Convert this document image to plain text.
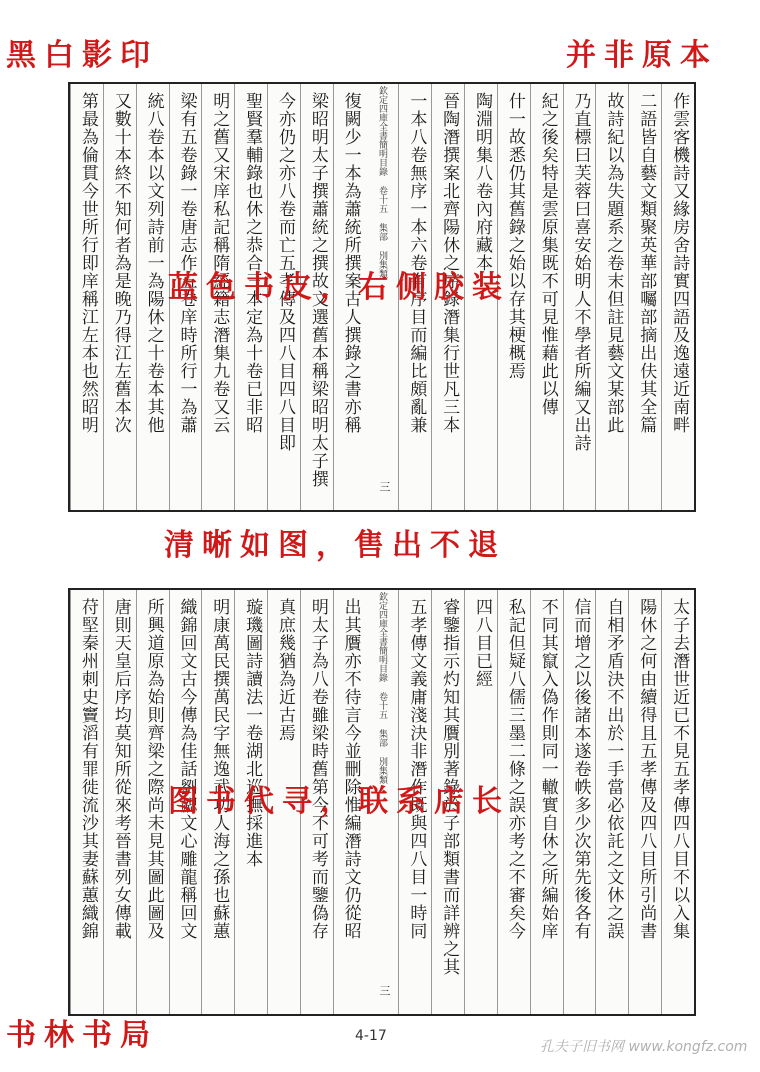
作雲客機詩又緣房舍詩實四語及逸遠近南畔
二語皆自藝文類聚英華部囑部摘出伕其全篇
故詩紀以為失題系之卷末但註見藝文某部此
乃直標曰芙蓉曰喜安始明人不學者所編又出詩
紀之後矣特是雲原集既不可見惟藉此以傳
什一故悉仍其舊錄之始以存其梗概焉
陶淵明集八卷內府藏本
晉陶潛撰案北齊陽休之序錄潛集行世凡三本
一本八卷無序一本六卷有序目而編比頗亂兼
欽定四庫全書簡明目錄 卷十五 集部 別集類
三
復闕少一本為蕭統所撰案古人撰錄之書亦稱
梁昭明太子撰蕭統之撰故文選舊本稱梁昭明太子撰
今亦仍之亦八卷而亡五孝傳及四八目四八目即
聖賢羣輔錄也休之恭合三本定為十卷已非昭
明之舊又宋庠私記稱隋經籍志潛集九卷又云
梁有五卷錄一卷唐志作五卷庠時所行一為蕭
統八卷本以文列詩前一為陽休之十卷本其他
又數十本終不知何者為是晚乃得江左舊本次
第最為倫貫今世所行即庠稱江左本也然昭明
太子去潛世近已不見五孝傳四八目不以入集
陽休之何由續得且五孝傳及四八目所引尚書
自相矛盾決不出於一手當必依託之文休之誤
信而增之以後諸本遂卷帙多少次第先後各有
不同其竄入偽作則同一轍實自休之所編始庠
私記但疑八儒三墨二條之誤亦考之不審矣今
四八目已經
睿鑒指示灼知其贋別著錄於子部類書而詳辨之其
五孝傳文義庸淺決非潛作既與四八目一時同
欽定四庫全書簡明目錄 卷十五 集部 別集類
三
出其贋亦不待言今並刪除惟編潛詩文仍從昭
明太子為八卷雖梁時舊第今不可考而鑒偽存
真庶幾猶為近古焉
璇璣圖詩讀法一卷湖北巡撫採進本
明康萬民撰萬民字無逸武功人海之孫也蘇蕙
織錦回文古今傳為佳話劉勰文心雕龍稱回文
所興道原為始則齊梁之際尚未見其圖此圖及
唐則天皇后序均莫知所從來考晉書列女傳載
苻堅秦州刺史竇滔有罪徙流沙其妻蘇蕙織錦
黑白影印	并非原本
蓝色书皮，右侧胶装
清晰如图，售出不退
图书代寻，联系店长
书林书局	4-17
孔夫子旧书网 www.kongfz.com
